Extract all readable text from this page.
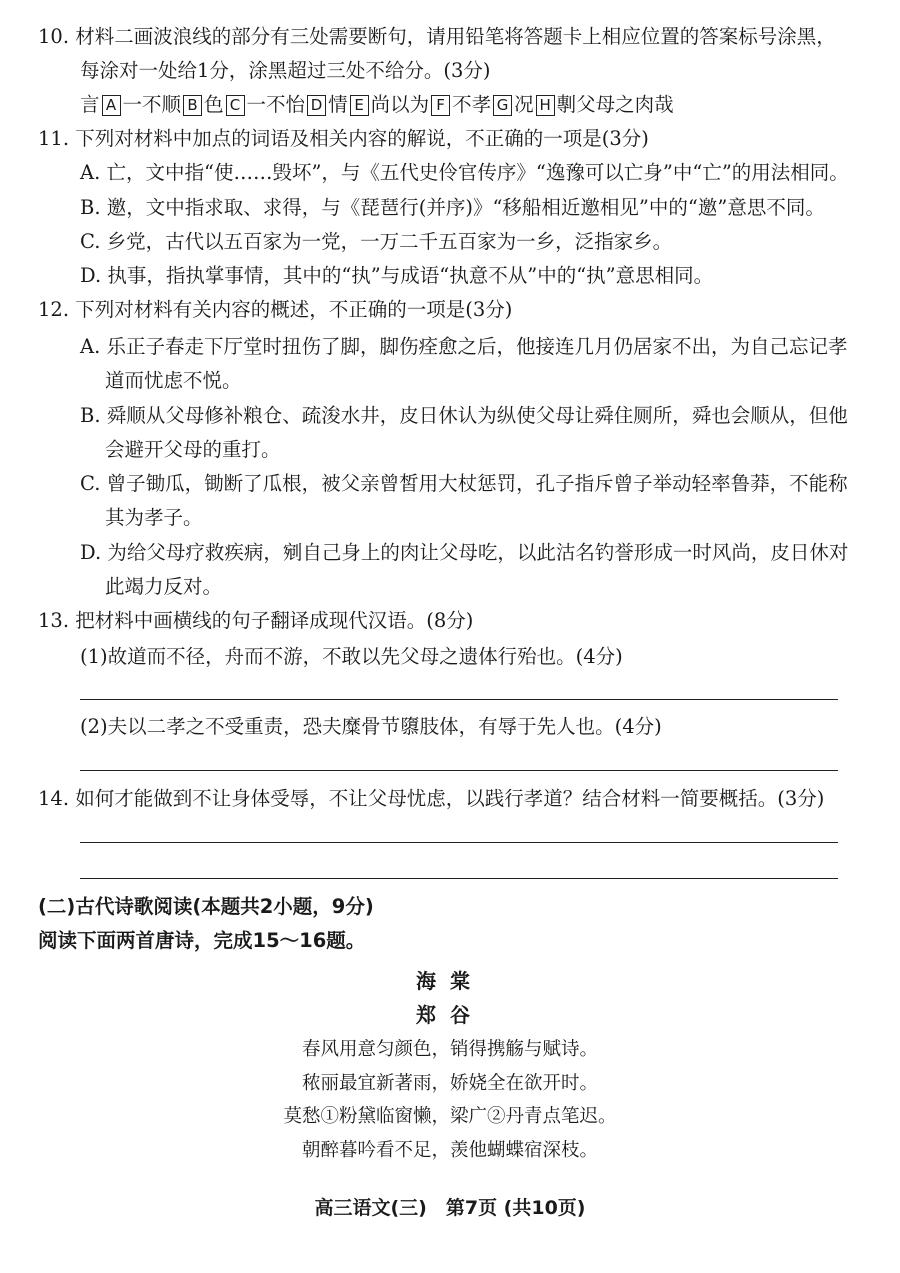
10. 材料二画波浪线的部分有三处需要断句，请用铅笔将答题卡上相应位置的答案标号涂黑，
每涂对一处给1分，涂黑超过三处不给分。(3分)
言 A 一不顺 B 色 C 一不怡 D 情 E 尚以为 F 不孝 G 况 H 剸父母之肉哉
11. 下列对材料中加点的词语及相关内容的解说，不正确的一项是(3分)
A. 亡，文中指“使……毁坏”，与《五代史伶官传序》“逸豫可以亡身”中“亡”的用法相同。
B. 邀，文中指求取、求得，与《琵琶行(并序)》“移船相近邀相见”中的“邀”意思不同。
C. 乡党，古代以五百家为一党，一万二千五百家为一乡，泛指家乡。
D. 执事，指执掌事情，其中的“执”与成语“执意不从”中的“执”意思相同。
12. 下列对材料有关内容的概述，不正确的一项是(3分)
A. 乐正子春走下厅堂时扭伤了脚，脚伤痊愈之后，他接连几月仍居家不出，为自己忘记孝
道而忧虑不悦。
B. 舜顺从父母修补粮仓、疏浚水井，皮日休认为纵使父母让舜住厕所，舜也会顺从，但他
会避开父母的重打。
C. 曾子锄瓜，锄断了瓜根，被父亲曾皙用大杖惩罚，孔子指斥曾子举动轻率鲁莽，不能称
其为孝子。
D. 为给父母疗救疾病，剜自己身上的肉让父母吃，以此沽名钓誉形成一时风尚，皮日休对
此竭力反对。
13. 把材料中画横线的句子翻译成现代汉语。(8分)
(1)故道而不径，舟而不游，不敢以先父母之遗体行殆也。(4分)
(2)夫以二孝之不受重责，恐夫糜骨节隳肢体，有辱于先人也。(4分)
14. 如何才能做到不让身体受辱，不让父母忧虑，以践行孝道？结合材料一简要概括。(3分)
(二)古代诗歌阅读(本题共2小题，9分)
阅读下面两首唐诗，完成15～16题。
海棠
郑谷
春风用意匀颜色，销得携觞与赋诗。
秾丽最宜新著雨，娇娆全在欲开时。
莫愁①粉黛临窗懒，梁广②丹青点笔迟。
朝醉暮吟看不足，羡他蝴蝶宿深枝。
高三语文(三)　第7页 (共10页)
